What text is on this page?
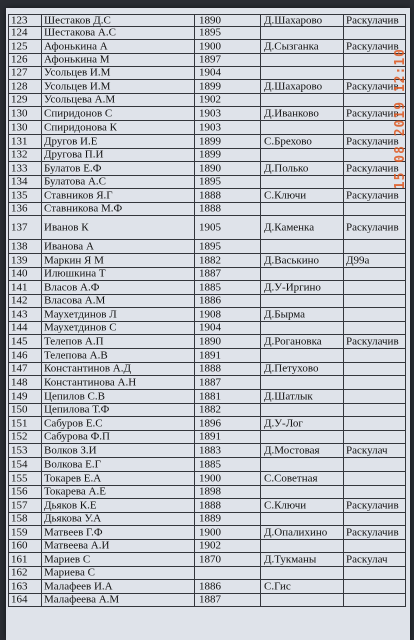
123	Шестаков Д.С	1890	Д.Шахарово	Раскулачив
124	Шестакова А.С	1895
125	Афонькина А	1900	Д.Сызганка	Раскулачив
126	Афонькина М	1897
127	Усольцев И.М	1904
128	Усольцев И.М	1899	Д.Шахарово	Раскулачив
129	Усольцева А.М	1902
130	Спиридонов С	1903	Д.Иванково	Раскулачив
130	Спиридонова К	1903
131	Другов И.Е	1899	С.Брехово	Раскулачив
132	Другова П.И	1899
133	Булатов Е.Ф	1890	Д.Полько	Раскулачив
134	Булатова А.С	1895
135	Ставников Я.Г	1888	С.Ключи	Раскулачив
136	Ставникова М.Ф	1888
137	Иванов К	1905	Д.Каменка	Раскулачив
138	Иванова А	1895
139	Маркин Я М	1882	Д.Васькино	Д99а
140	Илюшкина Т	1887
141	Власов А.Ф	1885	Д.У-Иргино
142	Власова А.М	1886
143	Маухетдинов Л	1908	Д.Бырма
144	Маухетдинов С	1904
145	Телепов А.П	1890	Д.Рогановка	Раскулачив
146	Телепова А.В	1891
147	Константинов А.Д	1888	Д.Петухово
148	Константинова А.Н	1887
149	Цепилов С.В	1881	Д.Шатлык
150	Цепилова Т.Ф	1882
151	Сабуров Е.С	1896	Д.У-Лог
152	Сабурова Ф.П	1891
153	Волков З.И	1883	Д.Мостовая	Раскулач
154	Волкова Е.Г	1885
155	Токарев Е.А	1900	С.Советная
156	Токарева А.Е	1898
157	Дьяков К.Е	1888	С.Ключи	Раскулачив
158	Дьякова У.А	1889
159	Матвеев Г.Ф	1900	Д.Опалихино	Раскулачив
160	Матвеева А.И	1902
161	Мариев С	1870	Д.Тукманы	Раскулач
162	Мариева С
163	Малафеев И.А	1886	С.Гис
164	Малафеева А.М	1887
15 08 2019 12:10
